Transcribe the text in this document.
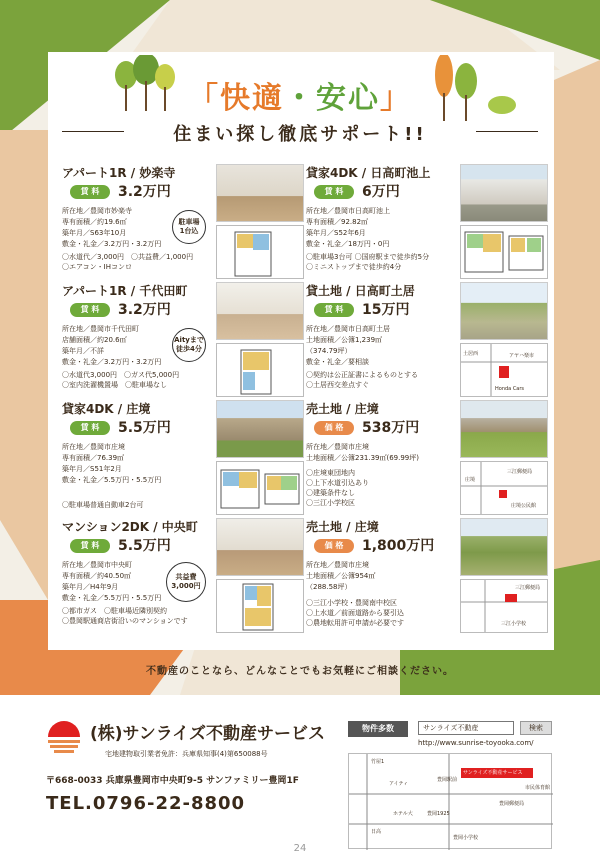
「快適・安心」
住まい探し徹底サポート!!
アパート1R / 妙楽寺
賃 料	3.2万円
所在地／豊岡市妙楽寺
専有面積／約19.6㎡
築年月／S63年10月
敷金・礼金／3.2万円・3.2万円
〇水道代／3,000円　〇共益費／1,000円
〇エアコン・IHコンロ
駐車場
1台込
アパート1R / 千代田町
賃 料	3.2万円
所在地／豊岡市千代田町
店舗面積／約20.6㎡
築年月／不詳
敷金・礼金／3.2万円・3.2万円
〇水道代3,000円　〇ガス代5,000円
〇室内洗濯機置場　〇駐車場なし
Aityまで
徒歩4分
貸家4DK / 庄境
賃 料	5.5万円
所在地／豊岡市庄境
専有面積／76.39㎡
築年月／S51年2月
敷金・礼金／5.5万円・5.5万円
〇駐車場普通自動車2台可
マンション2DK / 中央町
賃 料	5.5万円
所在地／豊岡市中央町
専有面積／約40.50㎡
築年月／H4年9月
敷金・礼金／5.5万円・5.5万円
〇都市ガス　〇駐車場近隣別契約
〇豊岡駅通商店街沿いのマンションです
共益費
3,000円
貸家4DK / 日高町池上
賃 料	6万円
所在地／豊岡市日高町池上
専有面積／92.82㎡
築年月／S52年6月
敷金・礼金／18万円・0円
〇駐車場3台可 〇国府駅まで徒歩約5分
〇ミニストップまで徒歩約4分
貸土地 / 日高町土居
賃 料	15万円
所在地／豊岡市日高町土居
土地面積／公簿1,239㎡
（374.79坪）
敷金・礼金／要相談
〇契約は公正証書によるものとする
〇土居西交差点すぐ
土居西	アヤハ楽市
Honda Cars
売土地 / 庄境
価 格	538万円
所在地／豊岡市庄境
土地面積／公簿231.39㎡(69.99坪)
〇庄境東団地内
〇上下水道引込あり
〇建築条件なし
〇三江小学校区
三江郵便局
庄境
庄境公民館
売土地 / 庄境
価 格	1,800万円
所在地／豊岡市庄境
土地面積／公簿954㎡
（288.58坪）
〇三江小学校・豊岡南中校区
〇上水道／前面道路から要引込
〇農地転用許可申請が必要です
三江郵便局
三江小学校
不動産のことなら、どんなことでもお気軽にご相談ください。
(株)サンライズ不動産サービス
宅地建物取引業者免許：兵庫県知事(4)第650088号
〒668-0033 兵庫県豊岡市中央町9-5 サンファミリー豊岡1F
TEL.0796-22-8800
物件多数	サンライズ不動産	検索
http://www.sunrise-toyooka.com/
竹屋1
アイティ
豊岡駅前
サンライズ不動産サービス
市民体育館
豊岡郵便局
ホテル大	豊岡1925
日高
豊岡小学校
24
